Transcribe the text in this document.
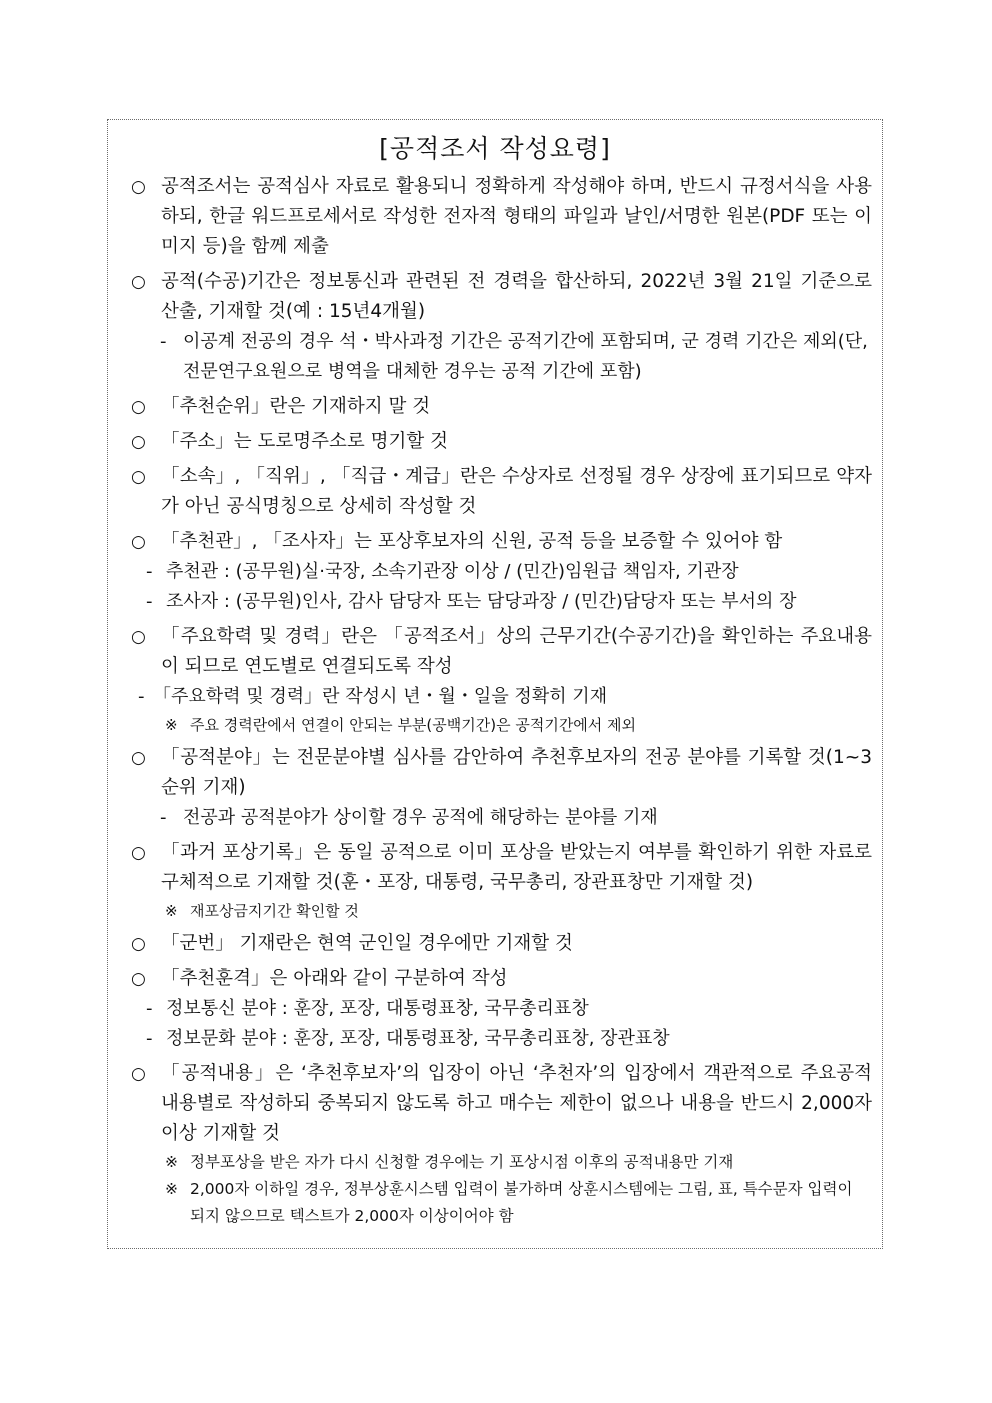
[공적조서 작성요령]
○ 공적조서는 공적심사 자료로 활용되니 정확하게 작성해야 하며, 반드시 규정서식을 사용하되, 한글 워드프로세서로 작성한 전자적 형태의 파일과 날인/서명한 원본(PDF 또는 이미지 등)을 함께 제출
○ 공적(수공)기간은 정보통신과 관련된 전 경력을 합산하되, 2022년 3월 21일 기준으로 산출, 기재할 것(예 : 15년4개월)
- 이공계 전공의 경우 석・박사과정 기간은 공적기간에 포함되며, 군 경력 기간은 제외(단, 전문연구요원으로 병역을 대체한 경우는 공적 기간에 포함)
○ 「추천순위」란은 기재하지 말 것
○ 「주소」는 도로명주소로 명기할 것
○ 「소속」, 「직위」, 「직급・계급」란은 수상자로 선정될 경우 상장에 표기되므로 약자가 아닌 공식명칭으로 상세히 작성할 것
○ 「추천관」, 「조사자」는 포상후보자의 신원, 공적 등을 보증할 수 있어야 함
- 추천관 : (공무원)실·국장, 소속기관장 이상 / (민간)임원급 책임자, 기관장
- 조사자 : (공무원)인사, 감사 담당자 또는 담당과장 / (민간)담당자 또는 부서의 장
○ 「주요학력 및 경력」란은 「공적조서」상의 근무기간(수공기간)을 확인하는 주요내용이 되므로 연도별로 연결되도록 작성
- 「주요학력 및 경력」란 작성시 년・월・일을 정확히 기재
※ 주요 경력란에서 연결이 안되는 부분(공백기간)은 공적기간에서 제외
○ 「공적분야」는 전문분야별 심사를 감안하여 추천후보자의 전공 분야를 기록할 것(1~3순위 기재)
- 전공과 공적분야가 상이할 경우 공적에 해당하는 분야를 기재
○ 「과거 포상기록」은 동일 공적으로 이미 포상을 받았는지 여부를 확인하기 위한 자료로 구체적으로 기재할 것(훈・포장, 대통령, 국무총리, 장관표창만 기재할 것)
※ 재포상금지기간 확인할 것
○ 「군번」 기재란은 현역 군인일 경우에만 기재할 것
○ 「추천훈격」은 아래와 같이 구분하여 작성
- 정보통신 분야 : 훈장, 포장, 대통령표창, 국무총리표창
- 정보문화 분야 : 훈장, 포장, 대통령표창, 국무총리표창, 장관표창
○ 「공적내용」은 ‘추천후보자’의 입장이 아닌 ‘추천자’의 입장에서 객관적으로 주요공적 내용별로 작성하되 중복되지 않도록 하고 매수는 제한이 없으나 내용을 반드시 2,000자 이상 기재할 것
※ 정부포상을 받은 자가 다시 신청할 경우에는 기 포상시점 이후의 공적내용만 기재
※ 2,000자 이하일 경우, 정부상훈시스템 입력이 불가하며 상훈시스템에는 그림, 표, 특수문자 입력이 되지 않으므로 텍스트가 2,000자 이상이어야 함
